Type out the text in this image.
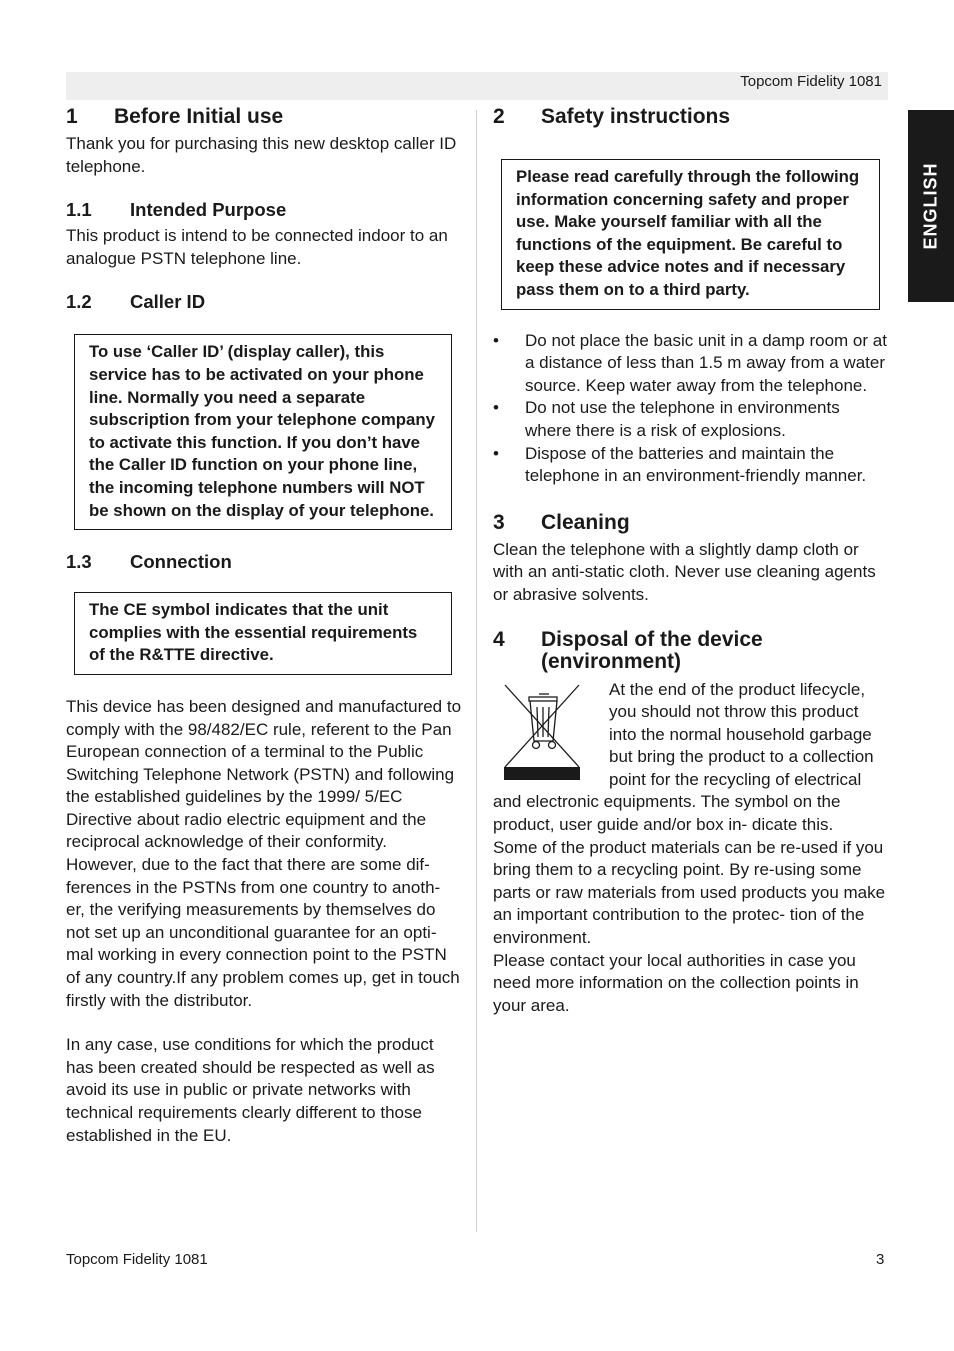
Topcom Fidelity 1081
ENGLISH
1	Before Initial use

Thank you for purchasing this new desktop caller ID telephone.

1.1	Intended Purpose

This product is intend to be connected indoor to an analogue PSTN telephone line.

1.2	Caller ID
To use ‘Caller ID’ (display caller), this service has to be activated on your phone line. Normally you need a separate subscription from your telephone company to activate this function. If you don’t have the Caller ID function on your phone line, the incoming telephone numbers will NOT be shown on the display of your telephone.
1.3	Connection
The CE symbol indicates that the unit complies with the essential requirements of the R&TTE directive.

This device has been designed and manufactured to comply with the 98/482/EC rule, referent to the Pan European connection of a terminal to the Public Switching Telephone Network (PSTN) and following the established guidelines by the 1999/ 5/EC Directive about radio electric equipment and the reciprocal acknowledge of their conformity. However, due to the fact that there are some dif- ferences in the PSTNs from one country to anoth- er, the verifying measurements by themselves do not set up an unconditional guarantee for an opti- mal working in every connection point to the PSTN of any country.If any problem comes up, get in touch firstly with the distributor.

In any case, use conditions for which the product has been created should be respected as well as avoid its use in public or private networks with technical requirements clearly different to those established in the EU.

2	Safety instructions
Please read carefully through the following information concerning safety and proper use. Make yourself familiar with all the functions of the equipment. Be careful to keep these advice notes and if necessary pass them on to a third party.
• Do not place the basic unit in a damp room or at a distance of less than 1.5 m away from a water source. Keep water away from the telephone.
• Do not use the telephone in environments where there is a risk of explosions.
• Dispose of the batteries and maintain the telephone in an environment-friendly manner.
3	Cleaning

Clean the telephone with a slightly damp cloth or with an anti-static cloth. Never use cleaning agents or abrasive solvents.

4	Disposal of the device (environment)

At the end of the product lifecycle, you should not throw this product into the normal household garbage but bring the product to a collection point for the recycling of electrical and electronic equipments. The symbol on the product, user guide and/or box in- dicate this.

Some of the product materials can be re-used if you bring them to a recycling point. By re-using some parts or raw materials from used products you make an important contribution to the protec- tion of the environment.

Please contact your local authorities in case you need more information on the collection points in your area.

Topcom Fidelity 1081	3
